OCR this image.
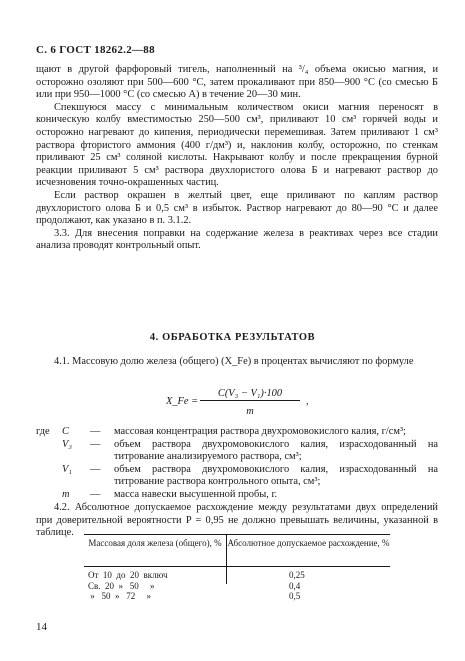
С. 6 ГОСТ 18262.2—88

щают в другой фарфоровый тигель, наполненный на ³/₄ объема окисью магния, и осторожно озоляют при 500—600 °С, затем прокаливают при 850—900 °С (со смесью Б или при 950—1000 °С (со смесью А) в течение 20—30 мин.

Спекшуюся массу с минимальным количеством окиси магния переносят в коническую колбу вместимостью 250—500 см³, приливают 10 см³ горячей воды и осторожно нагревают до кипения, периодически перемешивая. Затем приливают 1 см³ раствора фтористого аммония (400 г/дм³) и, наклонив колбу, осторожно, по стенкам приливают 25 см³ соляной кислоты. Накрывают колбу и после прекращения бурной реакции приливают 5 см³ раствора двухлористого олова Б и нагревают раствор до исчезновения точно-окрашенных частиц.

Если раствор окрашен в желтый цвет, еще приливают по каплям раствор двухлористого олова Б и 0,5 см³ в избыток. Раствор нагревают до 80—90 °С и далее продолжают, как указано в п. 3.1.2.

3.3. Для внесения поправки на содержание железа в реактивах через все стадии анализа проводят контрольный опыт.

4. ОБРАБОТКА РЕЗУЛЬТАТОВ

4.1. Массовую долю железа (общего) (X_Fe) в процентах вычисляют по формуле

X_Fe =
C(V₃ − V₁)·100
m
,
где	C	— массовая концентрация раствора двухромовокислого калия, г/см³;
V₃	— объем раствора двухромовокислого калия, израсходованный на титрование анализируемого раствора, см³;
V₁	— объем раствора двухромовокислого калия, израсходованный на титрование раствора контрольного опыта, см³;
m	— масса навески высушенной пробы, г.

4.2. Абсолютное допускаемое расхождение между результатами двух определений при доверительной вероятности P = 0,95 не должно превышать величины, указанной в таблице.

Массовая доля железа (общего), % Абсолютное допускаемое расхождение, %
От  10  до  20  включ	0,25
Св.  20  »   50     »	0,4
»   50  »   72     »	0,5
14
